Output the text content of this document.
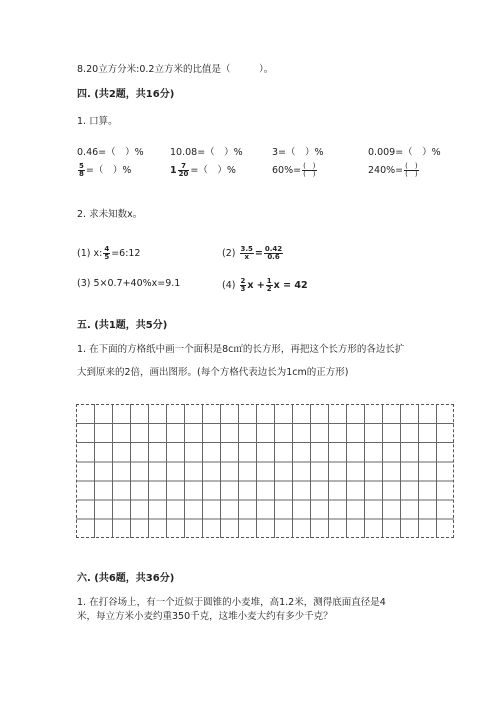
8.20立方分米:0.2立方米的比值是（　　　）。
四. (共2题，共16分)
1. 口算。
0.46=（　）%	10.08=（　）%	3=（　）%	0.009=（　）%
$\frac{5}{8}$ =（　）%	$1 \frac{7}{20}$ =（　）%	$60\%= \frac{( )}{( )}$	$240\%= \frac{( )}{( )}$
2. 求未知数x。
(1) x: $\frac{4}{5}$ =6:12	$(2) \frac{3.5}{x} = \frac{0.42}{0.6}$
(3) 5×0.7+40%x=9.1	$(4) \frac{2}{3}$ $x + \frac{1}{2}$ x = 42
五. (共1题，共5分)
1. 在下面的方格纸中画一个面积是8c㎡的长方形，再把这个长方形的各边长扩
大到原来的2倍，画出图形。(每个方格代表边长为1cm的正方形)
六. (共6题，共36分)
1. 在打谷场上，有一个近似于圆锥的小麦堆，高1.2米，测得底面直径是4
米，每立方米小麦约重350千克，这堆小麦大约有多少千克？
